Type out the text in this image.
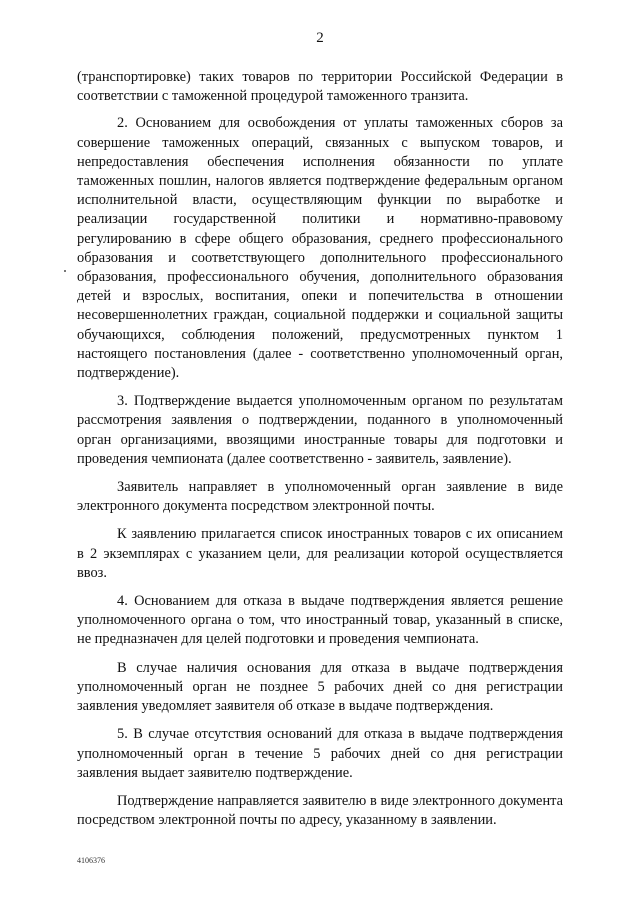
2

(транспортировке) таких товаров по территории Российской Федерации в соответствии с таможенной процедурой таможенного транзита.

2. Основанием для освобождения от уплаты таможенных сборов за совершение таможенных операций, связанных с выпуском товаров, и непредоставления обеспечения исполнения обязанности по уплате таможенных пошлин, налогов является подтверждение федеральным органом исполнительной власти, осуществляющим функции по выработке и реализации государственной политики и нормативно-правовому регулированию в сфере общего образования, среднего профессионального образования и соответствующего дополнительного профессионального образования, профессионального обучения, дополнительного образования детей и взрослых, воспитания, опеки и попечительства в отношении несовершеннолетних граждан, социальной поддержки и социальной защиты обучающихся, соблюдения положений, предусмотренных пунктом 1 настоящего постановления (далее - соответственно уполномоченный орган, подтверждение).

3. Подтверждение выдается уполномоченным органом по результатам рассмотрения заявления о подтверждении, поданного в уполномоченный орган организациями, ввозящими иностранные товары для подготовки и проведения чемпионата (далее соответственно - заявитель, заявление).

Заявитель направляет в уполномоченный орган заявление в виде электронного документа посредством электронной почты.

К заявлению прилагается список иностранных товаров с их описанием в 2 экземплярах с указанием цели, для реализации которой осуществляется ввоз.

4. Основанием для отказа в выдаче подтверждения является решение уполномоченного органа о том, что иностранный товар, указанный в списке, не предназначен для целей подготовки и проведения чемпионата.

В случае наличия основания для отказа в выдаче подтверждения уполномоченный орган не позднее 5 рабочих дней со дня регистрации заявления уведомляет заявителя об отказе в выдаче подтверждения.

5. В случае отсутствия оснований для отказа в выдаче подтверждения уполномоченный орган в течение 5 рабочих дней со дня регистрации заявления выдает заявителю подтверждение.

Подтверждение направляется заявителю в виде электронного документа посредством электронной почты по адресу, указанному в заявлении.

4106376
